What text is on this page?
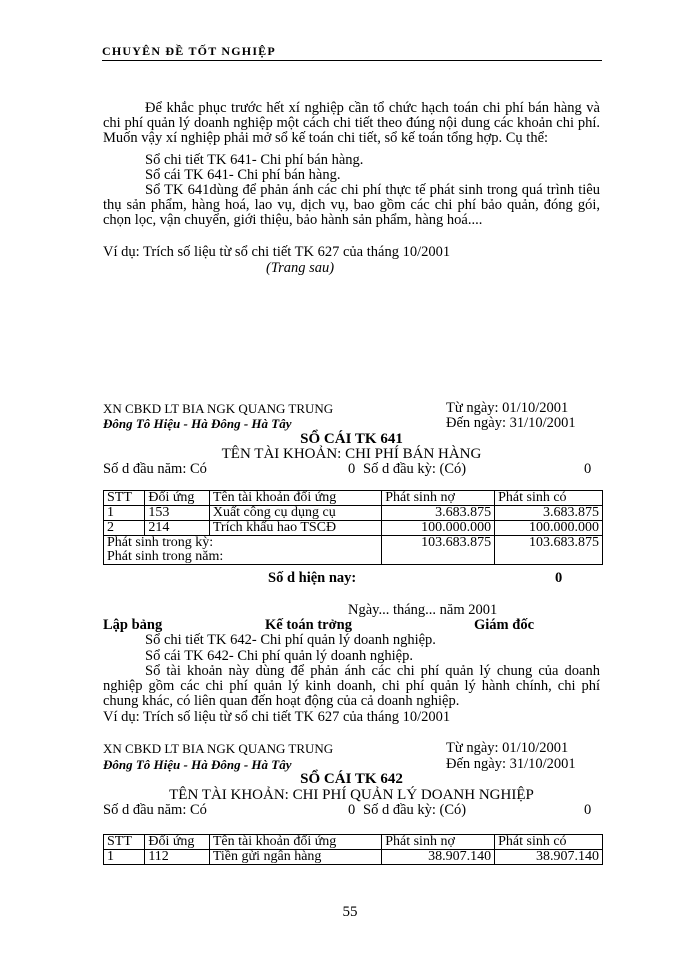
CHUYÊN ĐỀ TỐT NGHIỆP
Để khắc phục trước hết xí nghiệp cần tổ chức hạch toán chi phí bán hàng và chi phí quản lý doanh nghiệp một cách chi tiết theo đúng nội dung các khoản chi phí. Muốn vậy xí nghiệp phải mở sổ kế toán chi tiết, sổ kế toán tổng hợp. Cụ thể:
Sổ chi tiết TK 641- Chi phí bán hàng.
Sổ cái TK 641- Chi phí bán hàng.
Sổ TK 641dùng để phản ánh các chi phí thực tế phát sinh trong quá trình tiêu thụ sản phẩm, hàng hoá, lao vụ, dịch vụ, bao gồm các chi phí bảo quản, đóng gói, chọn lọc, vận chuyển, giới thiệu, bảo hành sản phẩm, hàng hoá....
Ví dụ: Trích số liệu từ sổ chi tiết TK 627 của tháng 10/2001
(Trang sau)
XN CBKD LT BIA NGK QUANG TRUNG	Từ ngày: 01/10/2001
Đông Tô Hiệu - Hà Đông - Hà Tây	Đến ngày: 31/10/2001
SỔ CÁI TK 641
TÊN TÀI KHOẢN: CHI PHÍ BÁN HÀNG
Số d đầu năm: Có	0 Số d đầu kỳ: (Có)	0
STT	Đối ứng	Tên tài khoản đối ứng	Phát sinh nợ	Phát sinh có
1	153	Xuất công cụ dụng cụ	3.683.875	3.683.875
2	214	Trích khấu hao TSCĐ	100.000.000	100.000.000
Phát sinh trong kỳ:			103.683.875	103.683.875
Phát sinh trong năm:				
Số d hiện nay:	0
Ngày... tháng... năm 2001
Lập bảng	Kế toán trởng	Giám đốc
Sổ chi tiết TK 642- Chi phí quản lý doanh nghiệp.
Sổ cái TK 642- Chi phí quản lý doanh nghiệp.
Sổ tài khoản này dùng để phản ánh các chi phí quản lý chung của doanh nghiệp gồm các chi phí quản lý kinh doanh, chi phí quản lý hành chính, chi phí chung khác, có liên quan đến hoạt động của cả doanh nghiệp.
Ví dụ: Trích số liệu từ sổ chi tiết TK 627 của tháng 10/2001
XN CBKD LT BIA NGK QUANG TRUNG	Từ ngày: 01/10/2001
Đông Tô Hiệu - Hà Đông - Hà Tây	Đến ngày: 31/10/2001
SỔ CÁI TK 642
TÊN TÀI KHOẢN: CHI PHÍ QUẢN LÝ DOANH NGHIỆP
Số d đầu năm: Có	0 Số d đầu kỳ: (Có)	0
STT	Đối ứng	Tên tài khoản đối ứng	Phát sinh nợ	Phát sinh có
1	112	Tiền gửi ngân hàng	38.907.140	38.907.140
55
